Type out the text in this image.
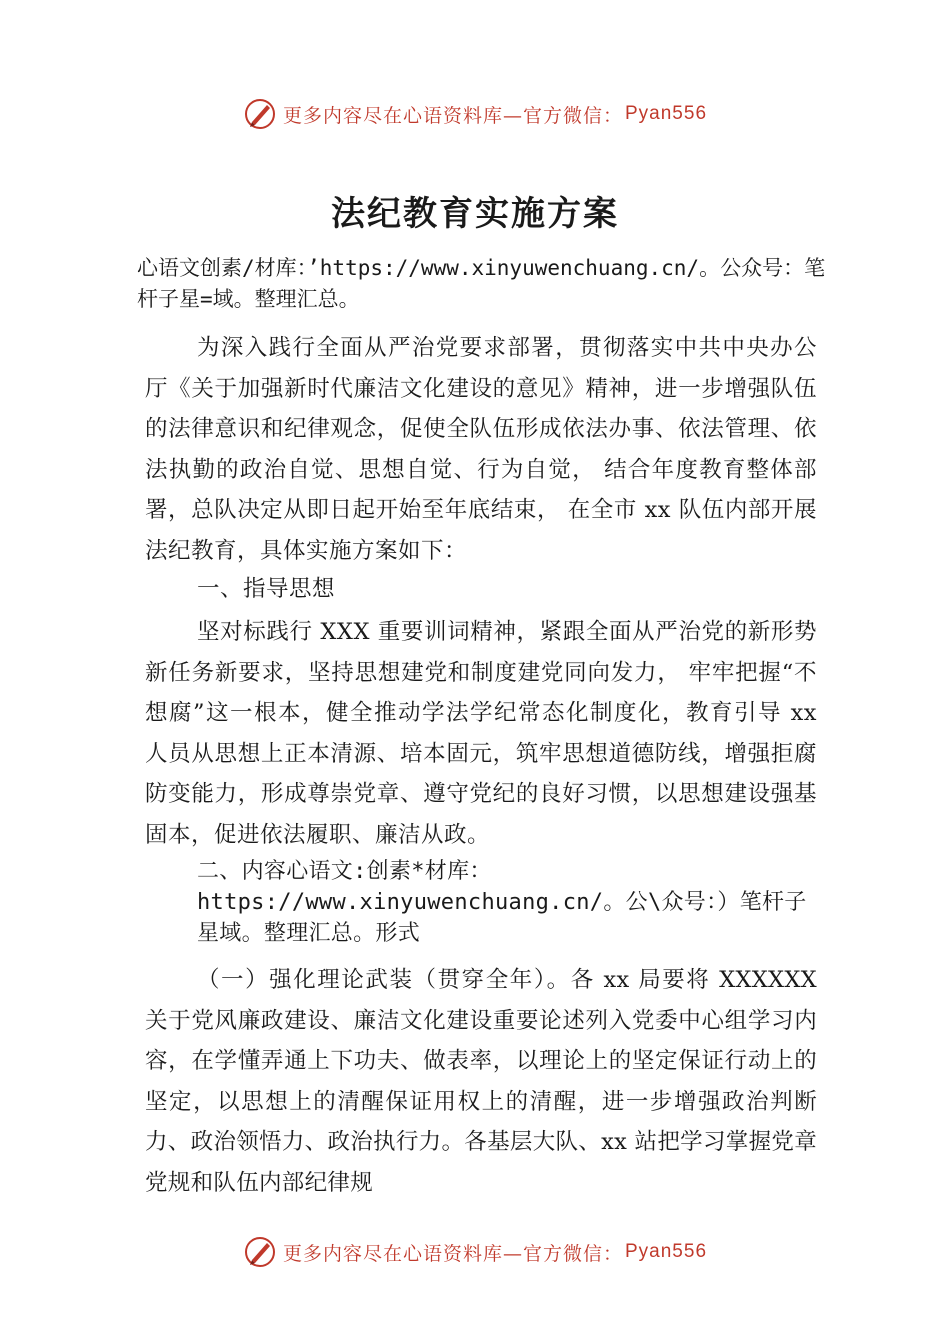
更多内容尽在心语资料库—官方微信： Pyan556
法纪教育实施方案
心语文创素/材库：’https://www.xinyuwenchuang.cn/。公众号：笔杆子星=域。整理汇总。

为深入践行全面从严治党要求部署，贯彻落实中共中央办公厅《关于加强新时代廉洁文化建设的意见》精神，进一步增强队伍的法律意识和纪律观念，促使全队伍形成依法办事、依法管理、依法执勤的政治自觉、思想自觉、行为自觉， 结合年度教育整体部署，总队决定从即日起开始至年底结束， 在全市 xx 队伍内部开展法纪教育，具体实施方案如下：

一、指导思想

坚对标践行 XXX 重要训词精神，紧跟全面从严治党的新形势新任务新要求，坚持思想建党和制度建党同向发力， 牢牢把握“不想腐”这一根本，健全推动学法学纪常态化制度化，教育引导 xx 人员从思想上正本清源、培本固元，筑牢思想道德防线，增强拒腐防变能力，形成尊崇党章、遵守党纪的良好习惯，以思想建设强基固本，促进依法履职、廉洁从政。

二、内容心语文:创素*材库：https://www.xinyuwenchuang.cn/。公\众号：）笔杆子星域。整理汇总。形式

（一）强化理论武装（贯穿全年）。各 xx 局要将 XXXXXX 关于党风廉政建设、廉洁文化建设重要论述列入党委中心组学习内容，在学懂弄通上下功夫、做表率，以理论上的坚定保证行动上的坚定，以思想上的清醒保证用权上的清醒，进一步增强政治判断力、政治领悟力、政治执行力。各基层大队、xx 站把学习掌握党章党规和队伍内部纪律规

更多内容尽在心语资料库—官方微信： Pyan556
